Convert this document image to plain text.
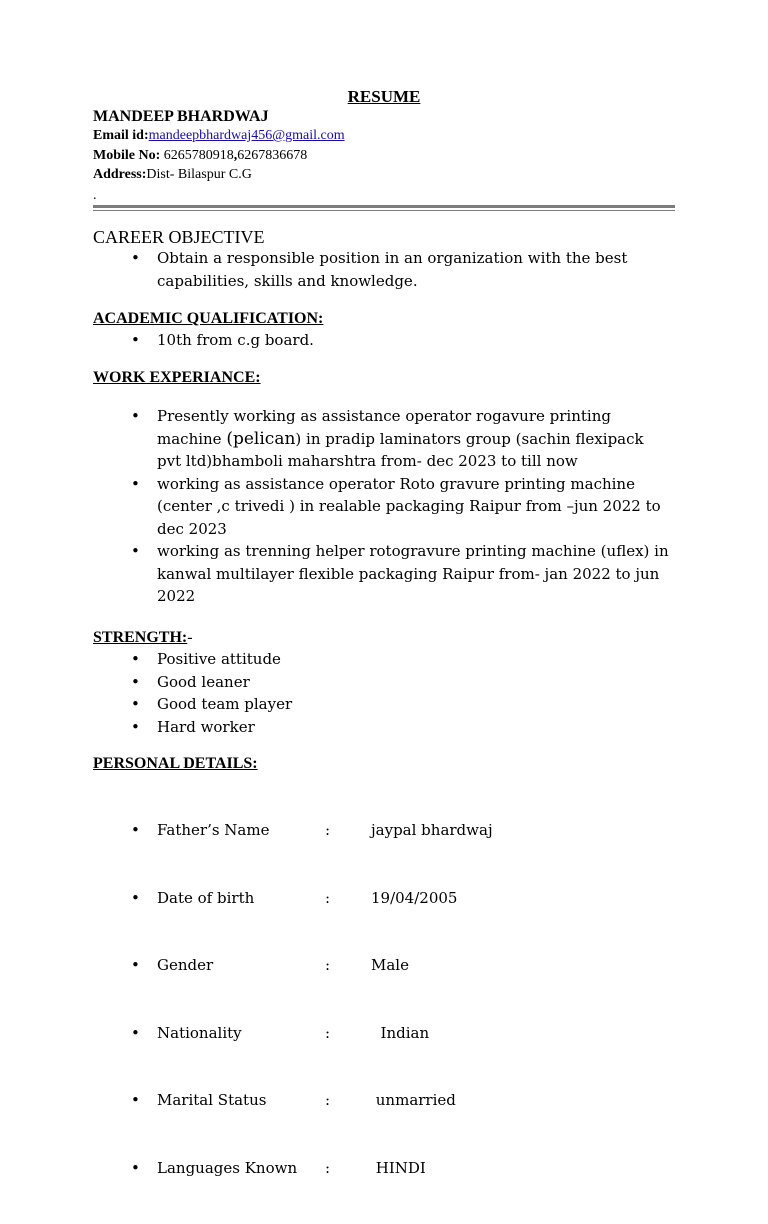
RESUME
MANDEEP BHARDWAJ
Email id:mandeepbhardwaj456@gmail.com
Mobile No: 6265780918,6267836678
Address:Dist- Bilaspur C.G
.
CAREER OBJECTIVE
• Obtain a responsible position in an organization with the best capabilities, skills and knowledge.
ACADEMIC QUALIFICATION:
• 10th from c.g board.
WORK EXPERIANCE:
• Presently working as assistance operator rogavure printing machine (pelican) in pradip laminators group (sachin flexipack pvt ltd)bhamboli maharshtra from- dec 2023 to till now
• working as assistance operator Roto gravure printing machine (center ,c trivedi ) in realable packaging Raipur from –jun 2022 to dec 2023
• working as trenning helper rotogravure printing machine (uflex) in kanwal multilayer flexible packaging Raipur from- jan 2022 to jun 2022
STRENGTH:-
• Positive attitude
• Good leaner
• Good team player
• Hard worker
PERSONAL DETAILS:

• Father’s Name	:	jaypal bhardwaj

• Date of birth	:	19/04/2005

• Gender	:	Male

• Nationality	:	Indian

• Marital Status	:	unmarried

• Languages Known :	HINDI
